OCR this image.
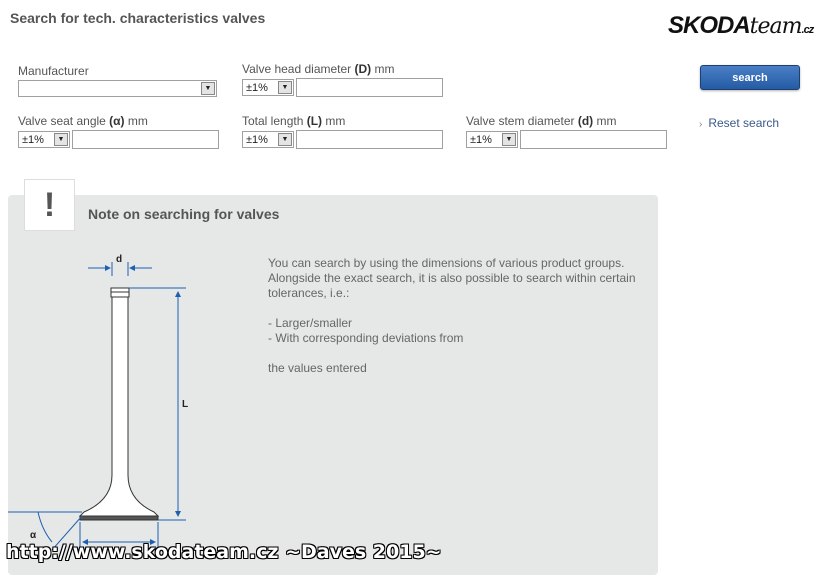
Search for tech. characteristics valves	SKODAteam.cz
Manufacturer
▼
Valve head diameter (D) mm
±1%	▼
Valve seat angle (α) mm
±1%	▼
Total length (L) mm
±1%	▼
Valve stem diameter (d) mm
±1%	▼
search
› Reset search
!	Note on searching for valves

You can search by using the dimensions of various product groups. Alongside the exact search, it is also possible to search within certain tolerances, i.e.:

- Larger/smaller

- With corresponding deviations from

the values entered

d
L
α
http://www.skodateam.cz ~Daves 2015~
